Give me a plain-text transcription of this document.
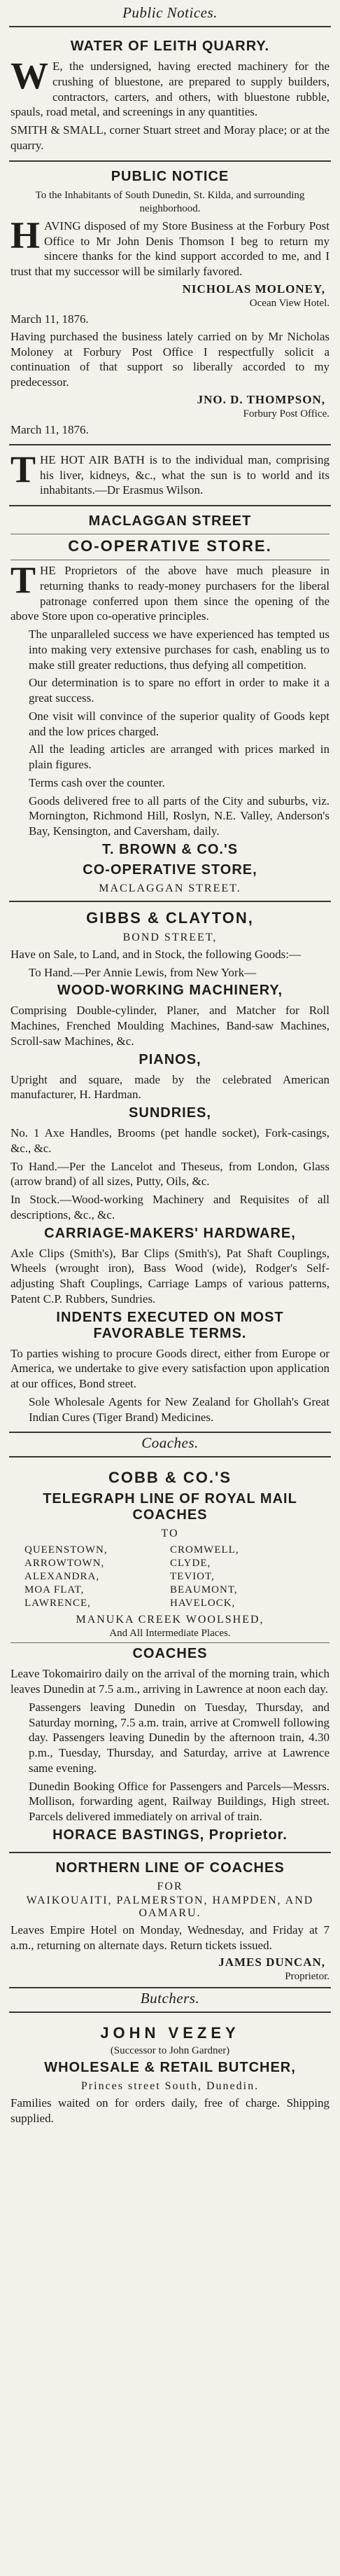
Public Notices.
WATER OF LEITH QUARRY.

W E, the undersigned, having erected machinery for the crushing of bluestone, are prepared to supply builders, contractors, carters, and others, with bluestone rubble, spauls, road metal, and screenings in any quantities.

SMITH & SMALL, corner Stuart street and Moray place; or at the quarry.

PUBLIC NOTICE

To the Inhabitants of South Dunedin, St. Kilda, and surrounding neighborhood.

HAVING disposed of my Store Business at the Forbury Post Office to Mr John Denis Thomson I beg to return my sincere thanks for the kind support accorded to me, and I trust that my successor will be similarly favored.

NICHOLAS MOLONEY,
Ocean View Hotel.
March 11, 1876.

Having purchased the business lately carried on by Mr Nicholas Moloney at Forbury Post Office I respectfully solicit a continuation of that support so liberally accorded to my predecessor.

JNO. D. THOMPSON,
Forbury Post Office.
March 11, 1876.

THE HOT AIR BATH is to the individual man, comprising his liver, kidneys, &c., what the sun is to world and its inhabitants.—Dr Erasmus Wilson.

MACLAGGAN STREET
CO-OPERATIVE STORE.

THE Proprietors of the above have much pleasure in returning thanks to ready-money purchasers for the liberal patronage conferred upon them since the opening of the above Store upon co-operative principles.

The unparalleled success we have experienced has tempted us into making very extensive purchases for cash, enabling us to make still greater reductions, thus defying all competition.

Our determination is to spare no effort in order to make it a great success.

One visit will convince of the superior quality of Goods kept and the low prices charged.

All the leading articles are arranged with prices marked in plain figures.

Terms cash over the counter.

Goods delivered free to all parts of the City and suburbs, viz. Mornington, Richmond Hill, Roslyn, N.E. Valley, Anderson's Bay, Kensington, and Caversham, daily.

T. BROWN & CO.'S
CO-OPERATIVE STORE,
MACLAGGAN STREET.
GIBBS & CLAYTON,
BOND STREET,

Have on Sale, to Land, and in Stock, the following Goods:—

To Hand.—Per Annie Lewis, from New York—

WOOD-WORKING MACHINERY,

Comprising Double-cylinder, Planer, and Matcher for Roll Machines, Frenched Moulding Machines, Band-saw Machines, Scroll-saw Machines, &c.

PIANOS,

Upright and square, made by the celebrated American manufacturer, H. Hardman.

SUNDRIES,

No. 1 Axe Handles, Brooms (pet handle socket), Fork-casings, &c., &c.

To Hand.—Per the Lancelot and Theseus, from London, Glass (arrow brand) of all sizes, Putty, Oils, &c.

In Stock.—Wood-working Machinery and Requisites of all descriptions, &c., &c.

CARRIAGE-MAKERS' HARDWARE,

Axle Clips (Smith's), Bar Clips (Smith's), Pat Shaft Couplings, Wheels (wrought iron), Bass Wood (wide), Rodger's Self-adjusting Shaft Couplings, Carriage Lamps of various patterns, Patent C.P. Rubbers, Sundries.

INDENTS EXECUTED ON MOST FAVORABLE TERMS.

To parties wishing to procure Goods direct, either from Europe or America, we undertake to give every satisfaction upon application at our offices, Bond street.

Sole Wholesale Agents for New Zealand for Ghollah's Great Indian Cures (Tiger Brand) Medicines.

Coaches.
COBB & CO.'S
TELEGRAPH LINE OF ROYAL MAIL COACHES
TO
QUEENSTOWN,	CROMWELL,
ARROWTOWN,	CLYDE,
ALEXANDRA,	TEVIOT,
MOA FLAT,	BEAUMONT,
LAWRENCE,	HAVELOCK,
MANUKA CREEK WOOLSHED,
And All Intermediate Places.
COACHES

Leave Tokomairiro daily on the arrival of the morning train, which leaves Dunedin at 7.5 a.m., arriving in Lawrence at noon each day.

Passengers leaving Dunedin on Tuesday, Thursday, and Saturday morning, 7.5 a.m. train, arrive at Cromwell following day. Passengers leaving Dunedin by the afternoon train, 4.30 p.m., Tuesday, Thursday, and Saturday, arrive at Lawrence same evening.

Dunedin Booking Office for Passengers and Parcels—Messrs. Mollison, forwarding agent, Railway Buildings, High street. Parcels delivered immediately on arrival of train.

HORACE BASTINGS, Proprietor.
NORTHERN LINE OF COACHES
FOR
WAIKOUAITI, PALMERSTON, HAMPDEN, AND OAMARU.

Leaves Empire Hotel on Monday, Wednesday, and Friday at 7 a.m., returning on alternate days. Return tickets issued.

JAMES DUNCAN,
Proprietor.
Butchers.
JOHN VEZEY
(Successor to John Gardner)
WHOLESALE & RETAIL BUTCHER,
Princes street South, Dunedin.

Families waited on for orders daily, free of charge. Shipping supplied.
